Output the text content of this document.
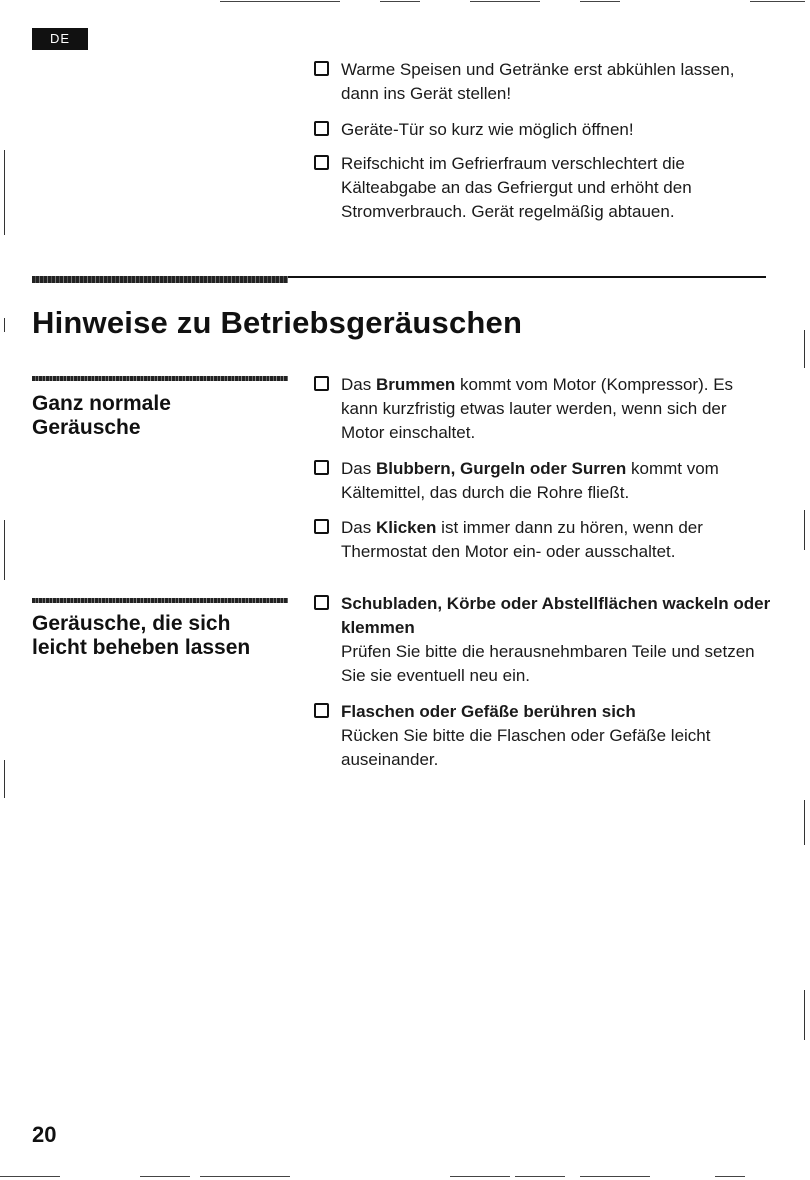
DE
Warme Speisen und Getränke erst abkühlen lassen, dann ins Gerät stellen!
Geräte-Tür so kurz wie möglich öffnen!
Reifschicht im Gefrierfraum verschlechtert die Kälteabgabe an das Gefriergut und erhöht den Stromverbrauch. Gerät regelmäßig abtauen.
Hinweise zu Betriebsgeräuschen
Ganz normale Geräusche
Das Brummen kommt vom Motor (Kompressor). Es kann kurzfristig etwas lauter werden, wenn sich der Motor einschaltet.
Das Blubbern, Gurgeln oder Surren kommt vom Kältemittel, das durch die Rohre fließt.
Das Klicken ist immer dann zu hören, wenn der Thermostat den Motor ein- oder ausschaltet.
Geräusche, die sich leicht beheben lassen
Schubladen, Körbe oder Abstellflächen wackeln oder klemmen
Prüfen Sie bitte die herausnehmbaren Teile und setzen Sie sie eventuell neu ein.
Flaschen oder Gefäße berühren sich
Rücken Sie bitte die Flaschen oder Gefäße leicht auseinander.
20
